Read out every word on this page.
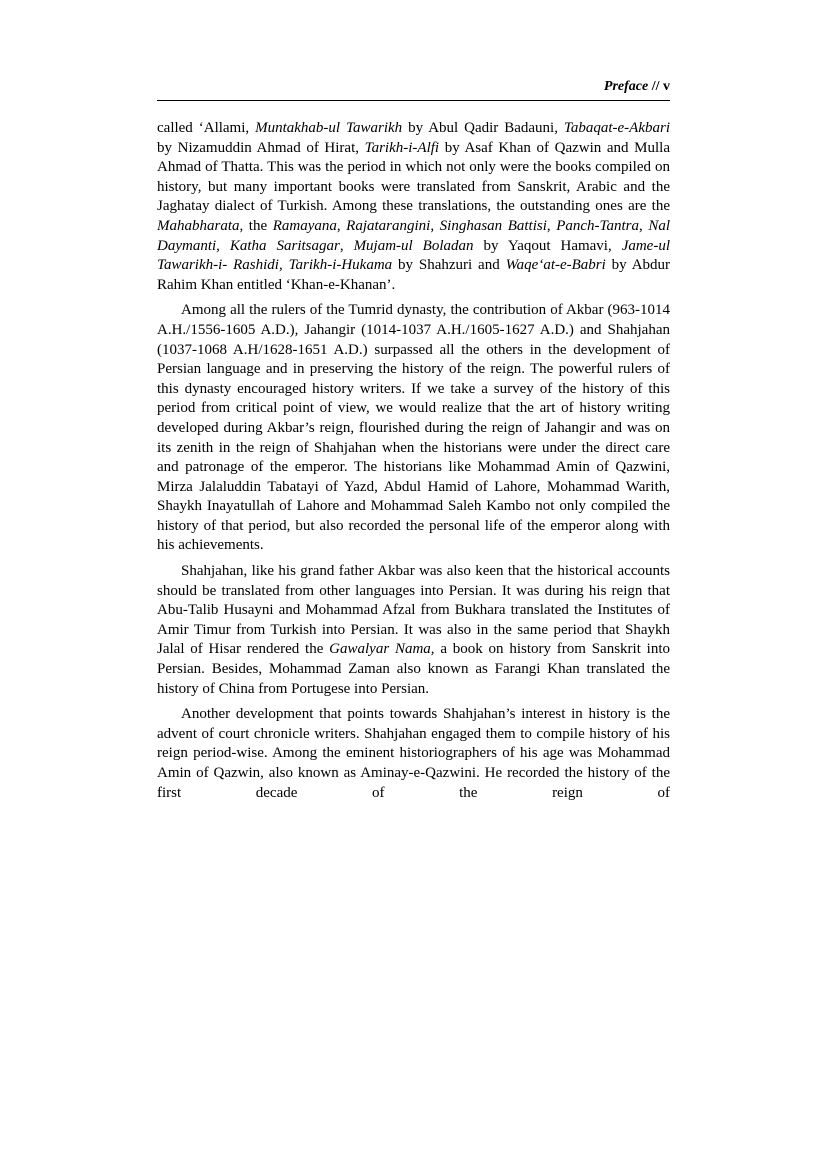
Preface // v

called ‘Allami, Muntakhab-ul Tawarikh by Abul Qadir Badauni, Tabaqat-e-Akbari by Nizamuddin Ahmad of Hirat, Tarikh-i-Alfi by Asaf Khan of Qazwin and Mulla Ahmad of Thatta. This was the period in which not only were the books compiled on history, but many important books were translated from Sanskrit, Arabic and the Jaghatay dialect of Turkish. Among these translations, the outstanding ones are the Mahabharata, the Ramayana, Rajatarangini, Singhasan Battisi, Panch-Tantra, Nal Daymanti, Katha Saritsagar, Mujam-ul Boladan by Yaqout Hamavi, Jame-ul Tawarikh-i- Rashidi, Tarikh-i-Hukama by Shahzuri and Waqe‘at-e-Babri by Abdur Rahim Khan entitled ‘Khan-e-Khanan’.

Among all the rulers of the Tumrid dynasty, the contribution of Akbar (963-1014 A.H./1556-1605 A.D.), Jahangir (1014-1037 A.H./1605-1627 A.D.) and Shahjahan (1037-1068 A.H/1628-1651 A.D.) surpassed all the others in the development of Persian language and in preserving the history of the reign. The powerful rulers of this dynasty encouraged history writers. If we take a survey of the history of this period from critical point of view, we would realize that the art of history writing developed during Akbar’s reign, flourished during the reign of Jahangir and was on its zenith in the reign of Shahjahan when the historians were under the direct care and patronage of the emperor. The historians like Mohammad Amin of Qazwini, Mirza Jalaluddin Tabatayi of Yazd, Abdul Hamid of Lahore, Mohammad Warith, Shaykh Inayatullah of Lahore and Mohammad Saleh Kambo not only compiled the history of that period, but also recorded the personal life of the emperor along with his achievements.

Shahjahan, like his grand father Akbar was also keen that the historical accounts should be translated from other languages into Persian. It was during his reign that Abu-Talib Husayni and Mohammad Afzal from Bukhara translated the Institutes of Amir Timur from Turkish into Persian. It was also in the same period that Shaykh Jalal of Hisar rendered the Gawalyar Nama, a book on history from Sanskrit into Persian. Besides, Mohammad Zaman also known as Farangi Khan translated the history of China from Portugese into Persian.

Another development that points towards Shahjahan’s interest in history is the advent of court chronicle writers. Shahjahan engaged them to compile history of his reign period-wise. Among the eminent historiographers of his age was Mohammad Amin of Qazwin, also known as Aminay-e-Qazwini. He recorded the history of the first decade of the reign of
